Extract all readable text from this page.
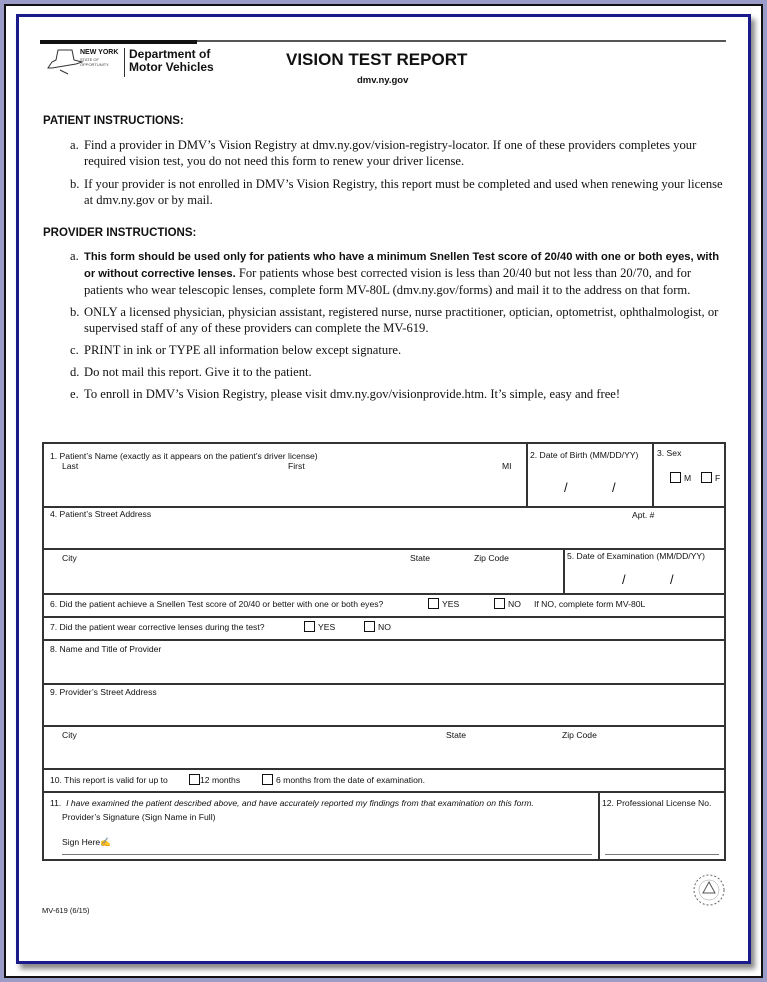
NEW YORK
STATE OF OPPORTUNITY.
Department of
Motor Vehicles	VISION TEST REPORT
dmv.ny.gov
PATIENT INSTRUCTIONS:
a. Find a provider in DMV’s Vision Registry at dmv.ny.gov/vision-registry-locator. If one of these providers completes your required vision test, you do not need this form to renew your driver license.
b. If your provider is not enrolled in DMV’s Vision Registry, this report must be completed and used when renewing your license at dmv.ny.gov or by mail.
PROVIDER INSTRUCTIONS:
a. This form should be used only for patients who have a minimum Snellen Test score of 20/40 with one or both eyes, with or without corrective lenses. For patients whose best corrected vision is less than 20/40 but not less than 20/70, and for patients who wear telescopic lenses, complete form MV-80L (dmv.ny.gov/forms) and mail it to the address on that form.
b. ONLY a licensed physician, physician assistant, registered nurse, nurse practitioner, optician, optometrist, ophthalmologist, or supervised staff of any of these providers can complete the MV-619.
c. PRINT in ink or TYPE all information below except signature.
d. Do not mail this report. Give it to the patient.
e. To enroll in DMV’s Vision Registry, please visit dmv.ny.gov/visionprovide.htm. It’s simple, easy and free!
1. Patient’s Name (exactly as it appears on the patient’s driver license)
Last	First	MI
2. Date of Birth (MM/DD/YY)
/	/
3. Sex
M	F
4. Patient’s Street Address	Apt. #
City	State	Zip Code	5. Date of Examination (MM/DD/YY)
/	/
6. Did the patient achieve a Snellen Test score of 20/40 or better with one or both eyes?	YES	NO If NO, complete form MV-80L
7. Did the patient wear corrective lenses during the test?	YES	NO
8. Name and Title of Provider
9. Provider’s Street Address
City	State	Zip Code
10. This report is valid for up to	12 months	6 months from the date of examination.
11. I have examined the patient described above, and have accurately reported my findings from that examination on this form.
Provider’s Signature (Sign Name in Full)
Sign Here✍
12. Professional License No.
MV-619 (6/15)
